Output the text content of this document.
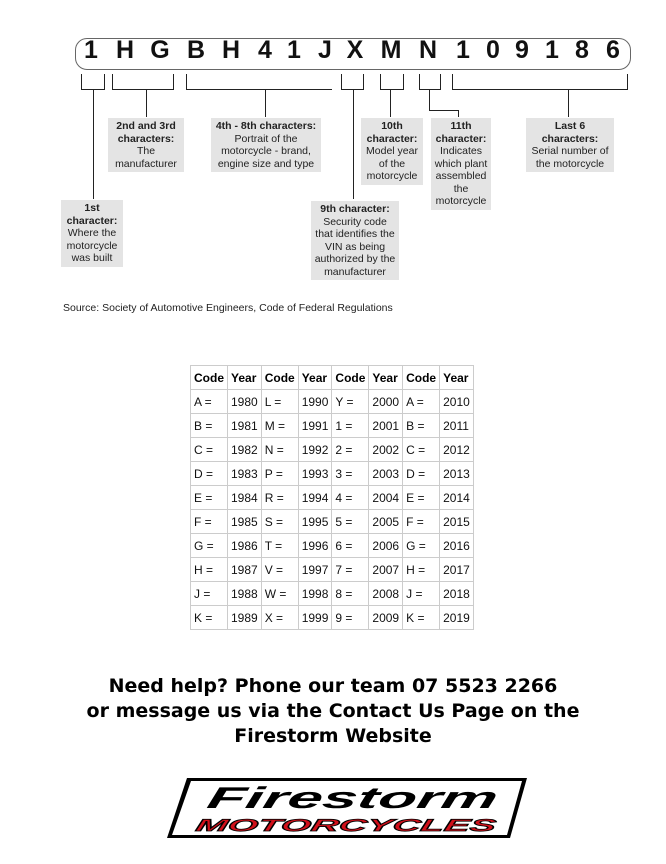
1 H G B H 4 1 J X M N 1 0 9 1 8 6
1st character:
Where the motorcycle was built
2nd and 3rd characters:
The manufacturer
4th - 8th characters:
Portrait of the motorcycle - brand, engine size and type
9th character:
Security code that identifies the VIN as being authorized by the manufacturer
10th character:
Model year of the motorcycle
11th character:
Indicates which plant assembled the motorcycle
Last 6 characters:
Serial number of the motorcycle
Source: Society of Automotive Engineers, Code of Federal Regulations
Code	Year	Code	Year	Code	Year	Code	Year
A =	1980	L =	1990	Y =	2000	A =	2010
B =	1981	M =	1991	1 =	2001	B =	2011
C =	1982	N =	1992	2 =	2002	C =	2012
D =	1983	P =	1993	3 =	2003	D =	2013
E =	1984	R =	1994	4 =	2004	E =	2014
F =	1985	S =	1995	5 =	2005	F =	2015
G =	1986	T =	1996	6 =	2006	G =	2016
H =	1987	V =	1997	7 =	2007	H =	2017
J =	1988	W =	1998	8 =	2008	J =	2018
K =	1989	X =	1999	9 =	2009	K =	2019
Need help? Phone our team 07 5523 2266
or message us via the Contact Us Page on the
Firestorm Website
Firestorm
MOTORCYCLES
